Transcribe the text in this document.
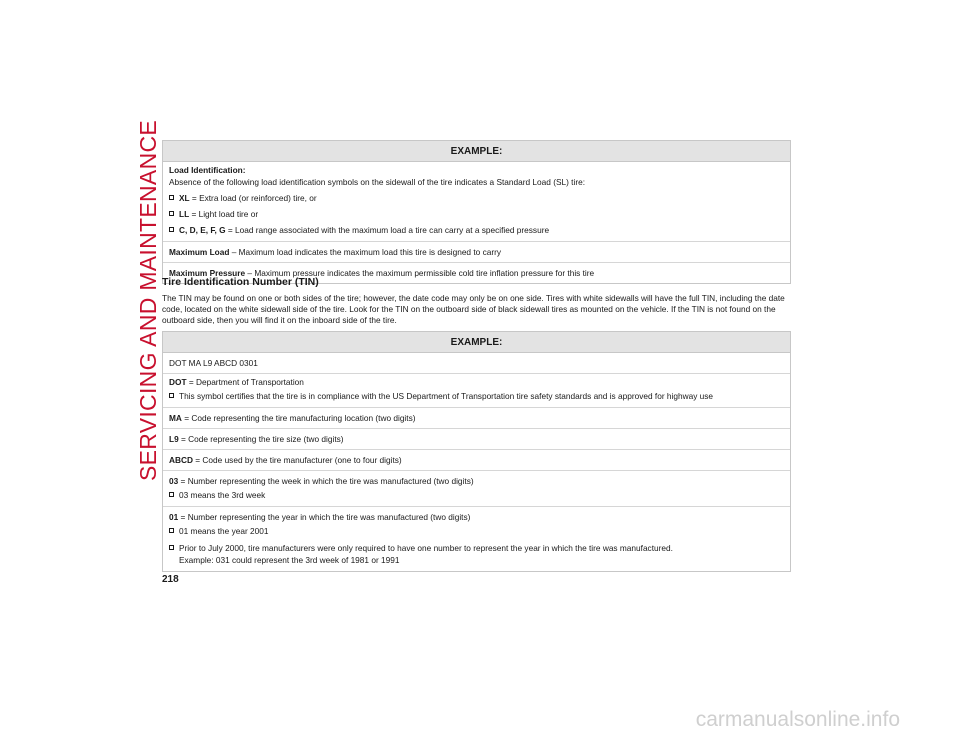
SERVICING AND MAINTENANCE	EXAMPLE:
Load Identification:
Absence of the following load identification symbols on the sidewall of the tire indicates a Standard Load (SL) tire:
XL = Extra load (or reinforced) tire, or
LL = Light load tire or
C, D, E, F, G = Load range associated with the maximum load a tire can carry at a specified pressure
Maximum Load – Maximum load indicates the maximum load this tire is designed to carry
Maximum Pressure – Maximum pressure indicates the maximum permissible cold tire inflation pressure for this tire
Tire Identification Number (TIN)
The TIN may be found on one or both sides of the tire; however, the date code may only be on one side. Tires with white sidewalls will have the full TIN, including the date code, located on the white sidewall side of the tire. Look for the TIN on the outboard side of black sidewall tires as mounted on the vehicle. If the TIN is not found on the outboard side, then you will find it on the inboard side of the tire.
EXAMPLE:
DOT MA L9 ABCD 0301
DOT = Department of Transportation
This symbol certifies that the tire is in compliance with the US Department of Transportation tire safety standards and is approved for highway use
MA = Code representing the tire manufacturing location (two digits)
L9 = Code representing the tire size (two digits)
ABCD = Code used by the tire manufacturer (one to four digits)
03 = Number representing the week in which the tire was manufactured (two digits)
03 means the 3rd week
01 = Number representing the year in which the tire was manufactured (two digits)
01 means the year 2001
Prior to July 2000, tire manufacturers were only required to have one number to represent the year in which the tire was manufactured.
Example: 031 could represent the 3rd week of 1981 or 1991
218
carmanualsonline.info
